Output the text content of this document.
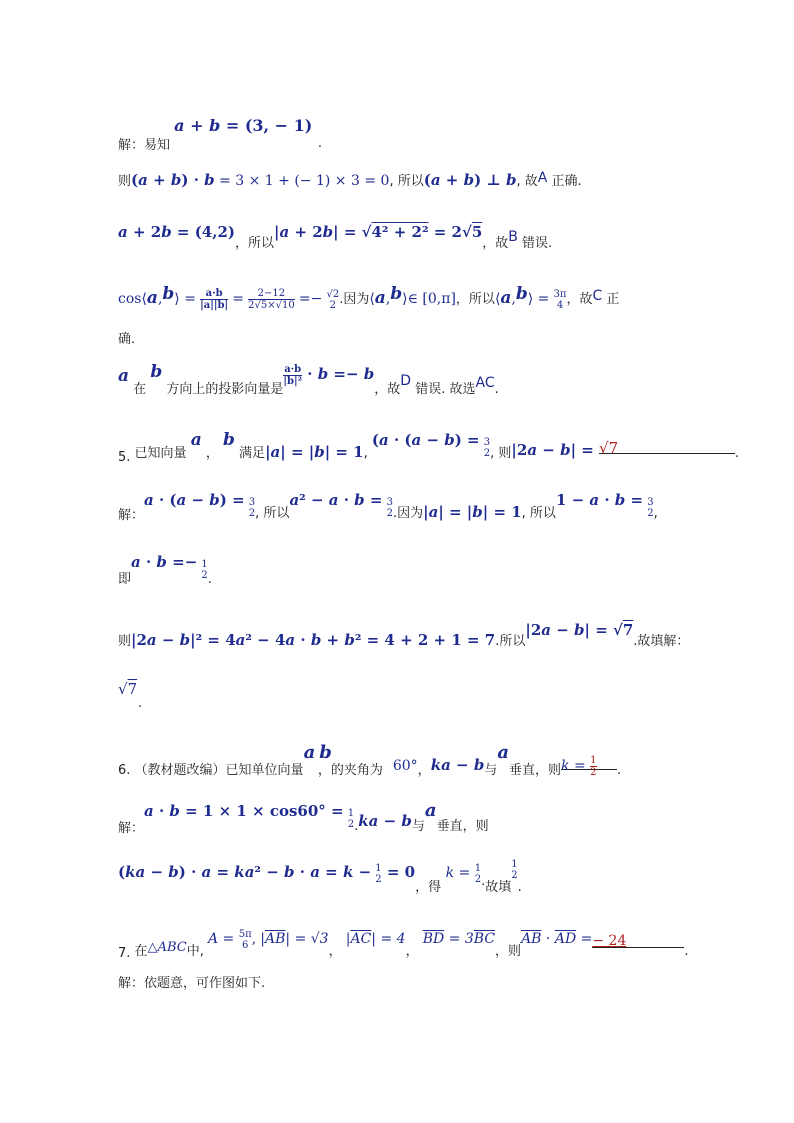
解：易知 a + b = (3, − 1) .
则(a + b) · b = 3 × 1 + (− 1) × 3 = 0, 所以(a + b) ⊥ b, 故A 正确.
a + 2b = (4,2)，所以|a + 2b| = √4² + 2² = 2√5，故B 错误.
cos⟨a,b⟩ = $\frac{a\cdot b}{|a||b|} = \frac{2-12}{2√5\times√10} =- √2$
2 .因为⟨a,b⟩∈ [0,π]，所以⟨a,b⟩ = 3π
4 ，故C 正
确.
a 在 b 方向上的投影向量是
$\frac{a\cdot b}{\text{|b|²}} \cdot b =- b$，故D 错误. 故选AC.
5. 已知向量 a ， b 满足|a| = |b| = 1, (a · (a − b) = 3
2 , 则|2a − b| = √7	.
解：a · (a − b) = 3
2 , 所以a² − a · b = 3
2 .因为|a| = |b| = 1, 所以1 − a · b = 3
2 ,
即a · b =− 1
2 .
则|2a − b|² = 4a² − 4a · b + b² = 4 + 2 + 1 = 7.所以|2a − b| = √7.故填解：
√7
.
6. （教材题改编）已知单位向量a b，的夹角为 60°，ka − b与a垂直，则$k = \frac{1}{2}$ .
解：a · b = 1 × 1 × cos60° = 1
2 .ka − b与a垂直，则
(ka − b) · a = ka² − b · a = k − 1
2 = 0，得 k = 1
2 .故填
1
2
.
7. 在△ABC中, A = 5π
6 , $|\overline{AB}| = √3$， $|\overline{AC}| = 4$， $\overline{BD} = 3\overline{BC}$，则$\overline{AB} \cdot \overline{AD} =- 24$.
解：依题意，可作图如下.
